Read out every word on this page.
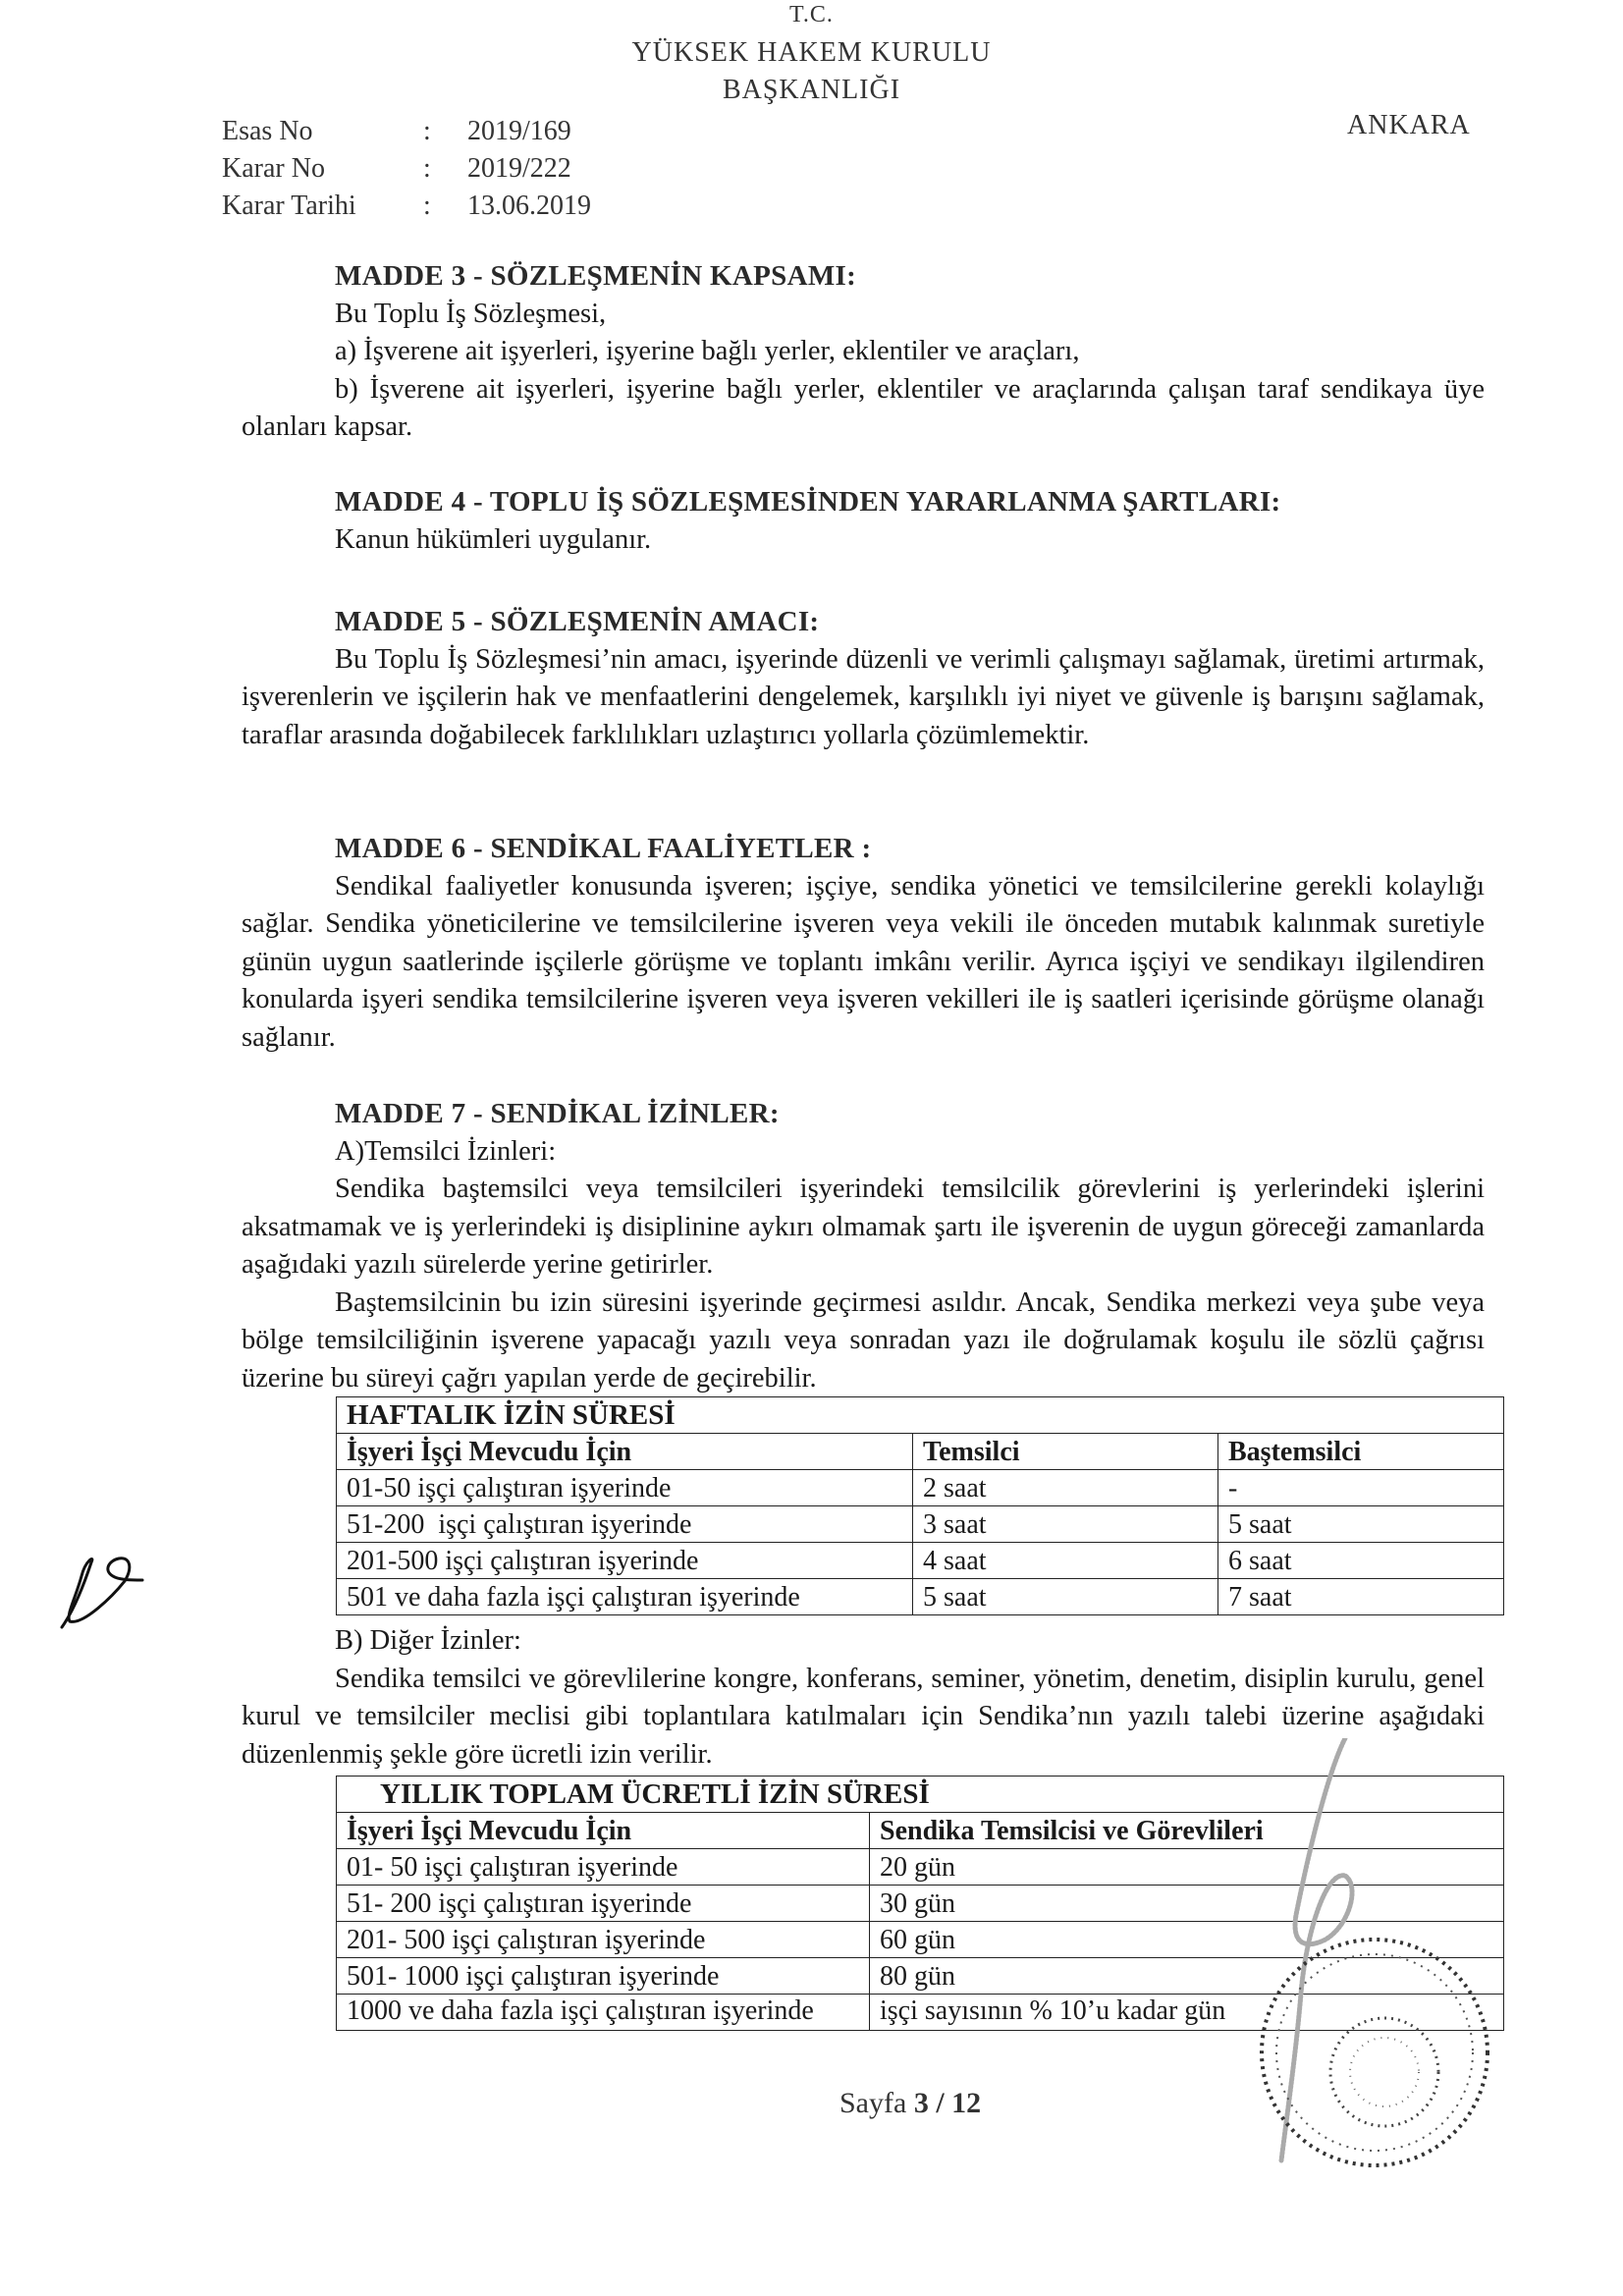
T.C.
YÜKSEK HAKEM KURULU
BAŞKANLIĞI
ANKARA
Esas No	: 2019/169
Karar No	: 2019/222
Karar Tarihi : 13.06.2019
MADDE 3 - SÖZLEŞMENİN KAPSAMI:
Bu Toplu İş Sözleşmesi,
a) İşverene ait işyerleri, işyerine bağlı yerler, eklentiler ve araçları,
b) İşverene ait işyerleri, işyerine bağlı yerler, eklentiler ve araçlarında çalışan taraf sendikaya üye olanları kapsar.
MADDE 4 - TOPLU İŞ SÖZLEŞMESİNDEN YARARLANMA ŞARTLARI:
Kanun hükümleri uygulanır.
MADDE 5 - SÖZLEŞMENİN AMACI:
Bu Toplu İş Sözleşmesi’nin amacı, işyerinde düzenli ve verimli çalışmayı sağlamak, üretimi artırmak, işverenlerin ve işçilerin hak ve menfaatlerini dengelemek, karşılıklı iyi niyet ve güvenle iş barışını sağlamak, taraflar arasında doğabilecek farklılıkları uzlaştırıcı yollarla çözümlemektir.
MADDE 6 - SENDİKAL FAALİYETLER :
Sendikal faaliyetler konusunda işveren; işçiye, sendika yönetici ve temsilcilerine gerekli kolaylığı sağlar. Sendika yöneticilerine ve temsilcilerine işveren veya vekili ile önceden mutabık kalınmak suretiyle günün uygun saatlerinde işçilerle görüşme ve toplantı imkânı verilir. Ayrıca işçiyi ve sendikayı ilgilendiren konularda işyeri sendika temsilcilerine işveren veya işveren vekilleri ile iş saatleri içerisinde görüşme olanağı sağlanır.
MADDE 7 - SENDİKAL İZİNLER:
A)Temsilci İzinleri:
Sendika baştemsilci veya temsilcileri işyerindeki temsilcilik görevlerini iş yerlerindeki işlerini aksatmamak ve iş yerlerindeki iş disiplinine aykırı olmamak şartı ile işverenin de uygun göreceği zamanlarda aşağıdaki yazılı sürelerde yerine getirirler.
Baştemsilcinin bu izin süresini işyerinde geçirmesi asıldır. Ancak, Sendika merkezi veya şube veya bölge temsilciliğinin işverene yapacağı yazılı veya sonradan yazı ile doğrulamak koşulu ile sözlü çağrısı üzerine bu süreyi çağrı yapılan yerde de geçirebilir.
HAFTALIK İZİN SÜRESİ		
İşyeri İşçi Mevcudu İçin	Temsilci	Baştemsilci
01-50 işçi çalıştıran işyerinde	2 saat	-
51-200  işçi çalıştıran işyerinde	3 saat	5 saat
201-500 işçi çalıştıran işyerinde	4 saat	6 saat
501 ve daha fazla işçi çalıştıran işyerinde	5 saat	7 saat
B) Diğer İzinler:
Sendika temsilci ve görevlilerine kongre, konferans, seminer, yönetim, denetim, disiplin kurulu, genel kurul ve temsilciler meclisi gibi toplantılara katılmaları için Sendika’nın yazılı talebi üzerine aşağıdaki düzenlenmiş şekle göre ücretli izin verilir.
YILLIK TOPLAM ÜCRETLİ İZİN SÜRESİ	
İşyeri İşçi Mevcudu İçin	Sendika Temsilcisi ve Görevlileri
01- 50 işçi çalıştıran işyerinde	20 gün
51- 200 işçi çalıştıran işyerinde	30 gün
201- 500 işçi çalıştıran işyerinde	60 gün
501- 1000 işçi çalıştıran işyerinde	80 gün
1000 ve daha fazla işçi çalıştıran işyerinde	işçi sayısının % 10’u kadar gün
Sayfa 3 / 12
